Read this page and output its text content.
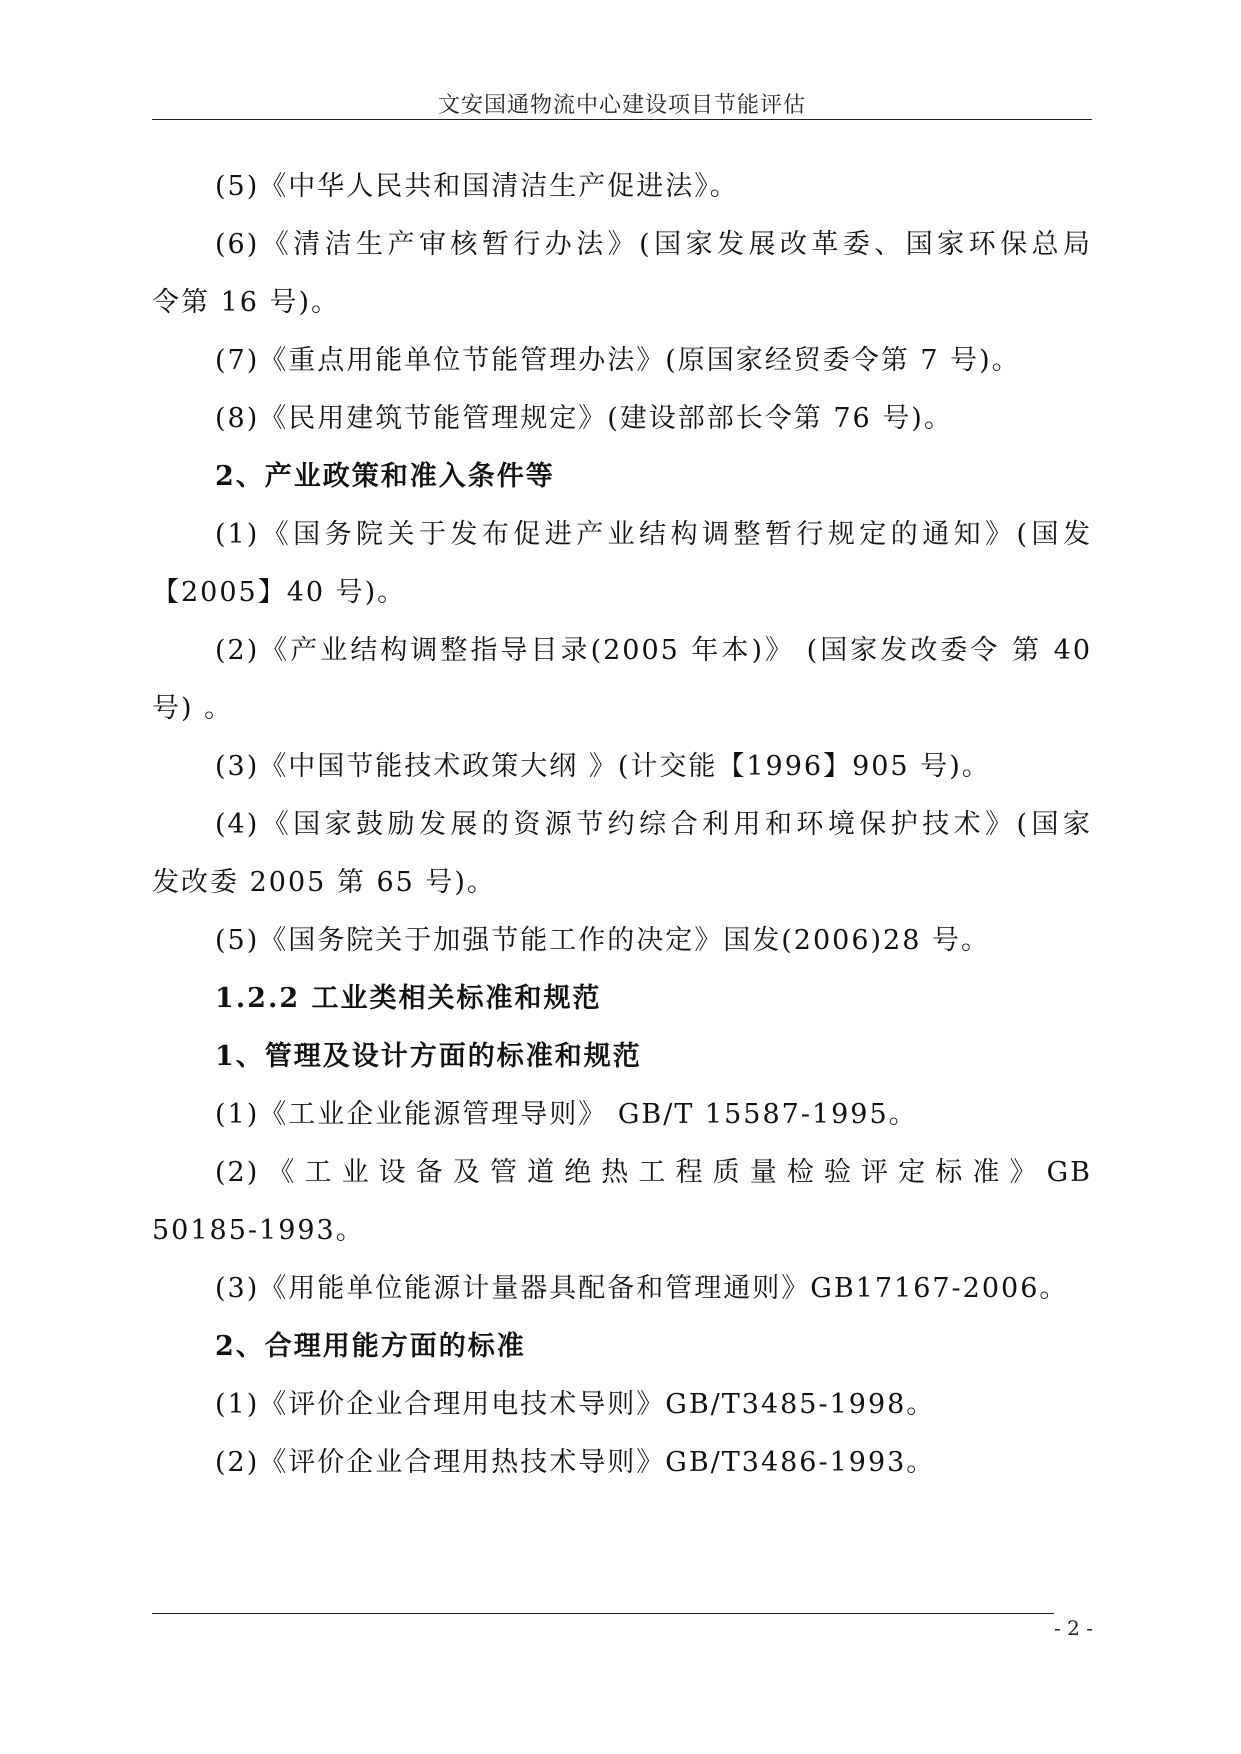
文安国通物流中心建设项目节能评估
(5)《中华人民共和国清洁生产促进法》。
(6)《清洁生产审核暂行办法》(国家发展改革委、国家环保总局
令第 16 号)。
(7)《重点用能单位节能管理办法》(原国家经贸委令第 7 号)。
(8)《民用建筑节能管理规定》(建设部部长令第 76 号)。
2、产业政策和准入条件等
(1)《国务院关于发布促进产业结构调整暂行规定的通知》(国发
【2005】40 号)。
(2)《产业结构调整指导目录(2005 年本)》 (国家发改委令 第 40
号) 。
(3)《中国节能技术政策大纲 》(计交能【1996】905 号)。
(4)《国家鼓励发展的资源节约综合利用和环境保护技术》(国家
发改委 2005 第 65 号)。
(5)《国务院关于加强节能工作的决定》国发(2006)28 号。
1.2.2 工业类相关标准和规范
1、管理及设计方面的标准和规范
(1)《工业企业能源管理导则》 GB/T 15587-1995。
(2)《工业设备及管道绝热工程质量检验评定标准》GB
50185-1993。
(3)《用能单位能源计量器具配备和管理通则》GB17167-2006。
2、合理用能方面的标准
(1)《评价企业合理用电技术导则》GB/T3485-1998。
(2)《评价企业合理用热技术导则》GB/T3486-1993。
- 2 -
